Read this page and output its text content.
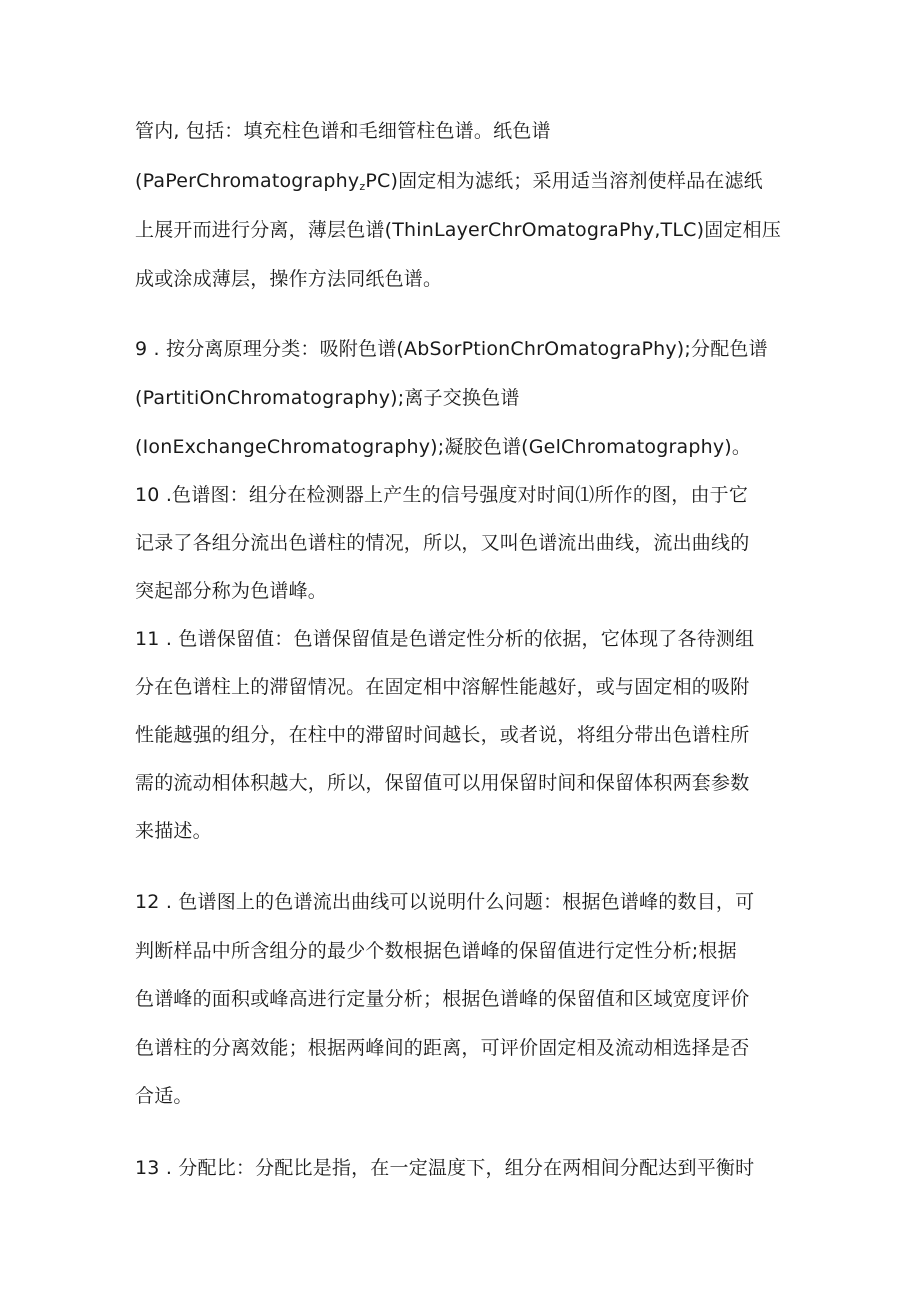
管内, 包括：填充柱色谱和毛细管柱色谱。纸色谱
(PaPerChromatography$_z$PC)固定相为滤纸；采用适当溶剂使样品在滤纸
上展开而进行分离，薄层色谱(ThinLayerChrOmatograPhy,TLC)固定相压
成或涂成薄层，操作方法同纸色谱。
9 . 按分离原理分类：吸附色谱(AbSorPtionChrOmatograPhy);分配色谱
(PartitiOnChromatography);离子交换色谱
(IonExchangeChromatography);凝胶色谱(GelChromatography)。
10 .色谱图：组分在检测器上产生的信号强度对时间⑴所作的图，由于它
记录了各组分流出色谱柱的情况，所以，又叫色谱流出曲线，流出曲线的
突起部分称为色谱峰。
11 . 色谱保留值：色谱保留值是色谱定性分析的依据，它体现了各待测组
分在色谱柱上的滞留情况。在固定相中溶解性能越好，或与固定相的吸附
性能越强的组分，在柱中的滞留时间越长，或者说，将组分带出色谱柱所
需的流动相体积越大，所以，保留值可以用保留时间和保留体积两套参数
来描述。
12 . 色谱图上的色谱流出曲线可以说明什么问题：根据色谱峰的数目，可
判断样品中所含组分的最少个数根据色谱峰的保留值进行定性分析;根据
色谱峰的面积或峰高进行定量分析；根据色谱峰的保留值和区域宽度评价
色谱柱的分离效能；根据两峰间的距离，可评价固定相及流动相选择是否
合适。
13 . 分配比：分配比是指，在一定温度下，组分在两相间分配达到平衡时
